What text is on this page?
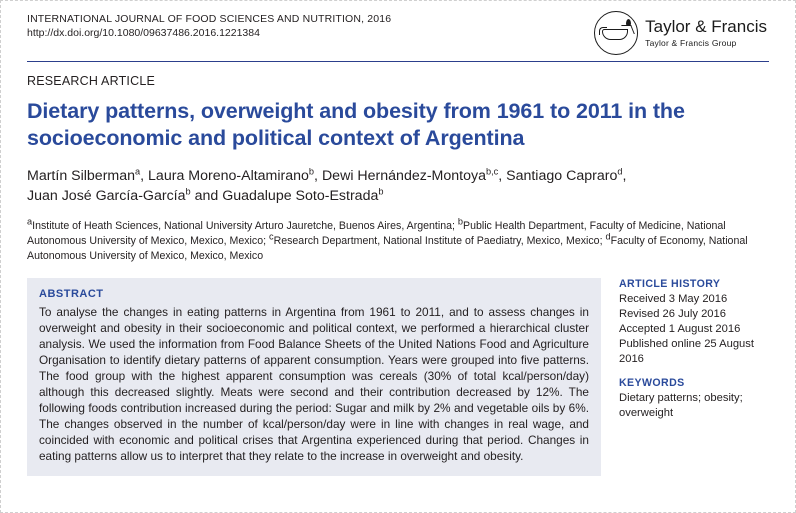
INTERNATIONAL JOURNAL OF FOOD SCIENCES AND NUTRITION, 2016
http://dx.doi.org/10.1080/09637486.2016.1221384	Taylor & Francis
Taylor & Francis Group
RESEARCH ARTICLE
Dietary patterns, overweight and obesity from 1961 to 2011 in the socioeconomic and political context of Argentina
Martín Silberman$^a$, Laura Moreno-Altamirano$^b$, Dewi Hernández-Montoya$^{b,c}$, Santiago Capraro$^d$,
Juan José García-García$^b$ and Guadalupe Soto-Estrada$^b$
$^a$Institute of Heath Sciences, National University Arturo Jauretche, Buenos Aires, Argentina; $^b$Public Health Department, Faculty of Medicine, National Autonomous University of Mexico, Mexico, Mexico; $^c$Research Department, National Institute of Paediatry, Mexico, Mexico; $^d$Faculty of Economy, National Autonomous University of Mexico, Mexico, Mexico
ABSTRACT

To analyse the changes in eating patterns in Argentina from 1961 to 2011, and to assess changes in overweight and obesity in their socioeconomic and political context, we performed a hierarchical cluster analysis. We used the information from Food Balance Sheets of the United Nations Food and Agriculture Organisation to identify dietary patterns of apparent consumption. Years were grouped into five patterns. The food group with the highest apparent consumption was cereals (30% of total kcal/person/day) although this decreased slightly. Meats were second and their contribution decreased by 12%. The following foods contribution increased during the period: Sugar and milk by 2% and vegetable oils by 6%. The changes observed in the number of kcal/person/day were in line with changes in real wage, and coincided with economic and political crises that Argentina experienced during that period. Changes in eating patterns allow us to interpret that they relate to the increase in overweight and obesity.

ARTICLE HISTORY
Received 3 May 2016
Revised 26 July 2016
Accepted 1 August 2016
Published online 25 August 2016
KEYWORDS
Dietary patterns; obesity; overweight
